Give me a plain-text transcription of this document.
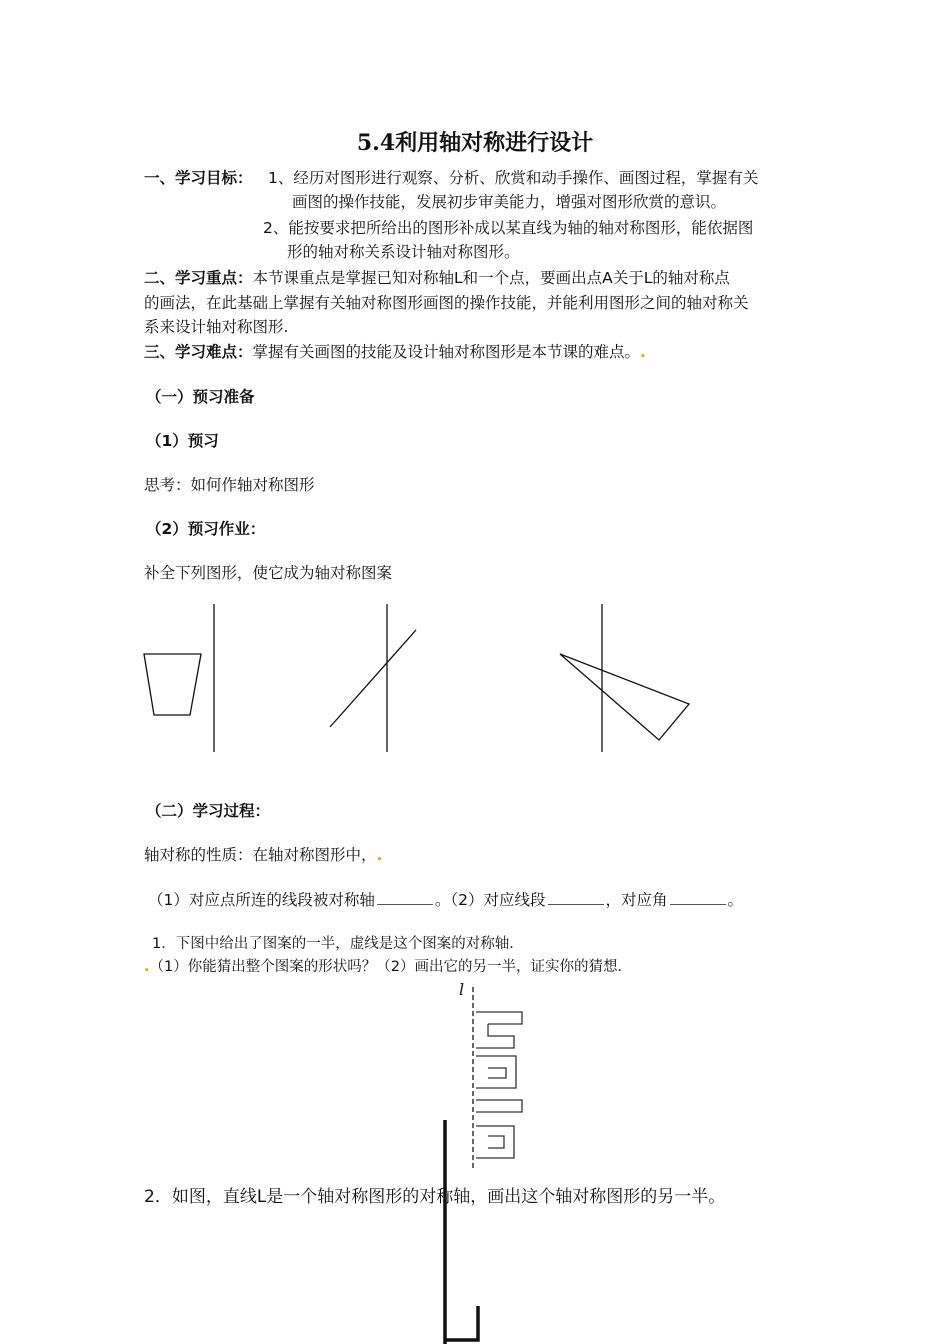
5.4利用轴对称进行设计
一、学习目标： 1、经历对图形进行观察、分析、欣赏和动手操作、画图过程，掌握有关
画图的操作技能，发展初步审美能力，增强对图形欣赏的意识。
2、能按要求把所给出的图形补成以某直线为轴的轴对称图形，能依据图
形的轴对称关系设计轴对称图形。
二、学习重点：本节课重点是掌握已知对称轴L和一个点，要画出点A关于L的轴对称点
的画法，在此基础上掌握有关轴对称图形画图的操作技能，并能利用图形之间的轴对称关
系来设计轴对称图形.
三、学习难点：掌握有关画图的技能及设计轴对称图形是本节课的难点。.
（一）预习准备
（1）预习
思考：如何作轴对称图形
（2）预习作业：
补全下列图形，使它成为轴对称图案
（二）学习过程：
轴对称的性质：在轴对称图形中，.
（1）对应点所连的线段被对称轴	。（2）对应线段	，对应角	。
1．下图中给出了图案的一半，虚线是这个图案的对称轴．
.（1）你能猜出整个图案的形状吗？（2）画出它的另一半，证实你的猜想．
l
2．如图，直线L是一个轴对称图形的对称轴，画出这个轴对称图形的另一半。
